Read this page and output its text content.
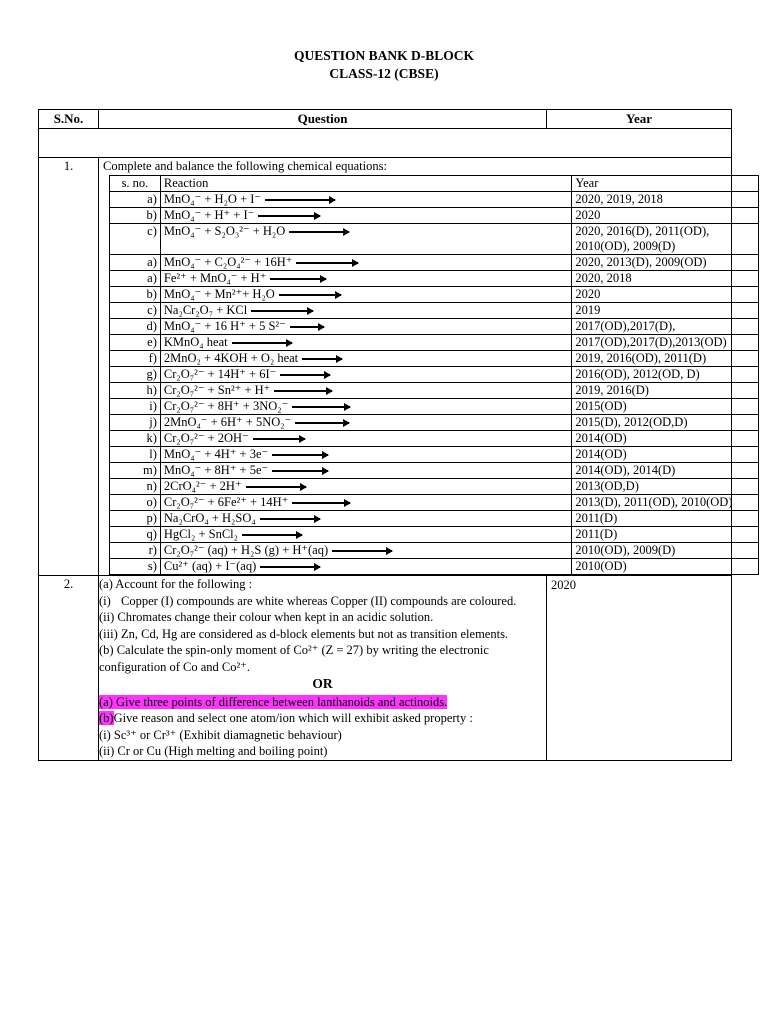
QUESTION BANK D-BLOCK
CLASS-12 (CBSE)
S.No.	Question	Year

1.	Complete and balance the following chemical equations:
s. no.	Reaction	Year
a)	MnO₄⁻ + H₂O + I⁻	2020, 2019, 2018
b)	MnO₄⁻ + H⁺ + I⁻	2020
c)	MnO₄⁻ + S₂O₃²⁻ + H₂O	2020, 2016(D), 2011(OD), 2010(OD), 2009(D)
a)	MnO₄⁻ + C₂O₄²⁻ + 16H⁺	2020, 2013(D), 2009(OD)
a)	Fe²⁺ + MnO₄⁻ + H⁺	2020, 2018
b)	MnO₄⁻ + Mn²⁺+ H₂O	2020
c)	Na₂Cr₂O₇ + KCl	2019
d)	MnO₄⁻ + 16 H⁺ + 5 S²⁻ →	2017(OD),2017(D),
e)	KMnO₄ heat	2017(OD),2017(D),2013(OD)
f)	2MnO₂ + 4KOH + O₂ heat →	2019, 2016(OD), 2011(D)
g)	Cr₂O₇²⁻ + 14H⁺ + 6I⁻ →	2016(OD), 2012(OD, D)
h)	Cr₂O₇²⁻ + Sn²⁺ + H⁺	2019, 2016(D)
i)	Cr₂O₇²⁻ + 8H⁺ + 3NO₂⁻	2015(OD)
j)	2MnO₄⁻ + 6H⁺ + 5NO₂⁻	2015(D), 2012(OD,D)
k)	Cr₂O₇²⁻ + 2OH⁻	2014(OD)
l)	MnO₄⁻ + 4H⁺ + 3e⁻	2014(OD)
m)	MnO₄⁻ + 8H⁺ + 5e⁻	2014(OD), 2014(D)
n)	2CrO₄²⁻ + 2H⁺	2013(OD,D)
o)	Cr₂O₇²⁻ + 6Fe²⁺ + 14H⁺	2013(D), 2011(OD), 2010(OD)
p)	Na₂CrO₄ + H₂SO₄	2011(D)
q)	HgCl₂ + SnCl₂	2011(D)
r)	Cr₂O₇²⁻ (aq) + H₂S (g) + H⁺(aq)	2010(OD), 2009(D)
s)	Cu²⁺ (aq) + I⁻(aq)	2010(OD)

2.	(a) Account for the following :
(i) Copper (I) compounds are white whereas Copper (II) compounds are coloured.
(ii) Chromates change their colour when kept in an acidic solution.
(iii) Zn, Cd, Hg are considered as d-block elements but not as transition elements.
(b) Calculate the spin-only moment of Co²⁺ (Z = 27) by writing the electronic configuration of Co and Co²⁺.
OR
(a) Give three points of difference between lanthanoids and actinoids.
(b)Give reason and select one atom/ion which will exhibit asked property :
(i) Sc³⁺ or Cr³⁺ (Exhibit diamagnetic behaviour)
(ii) Cr or Cu (High melting and boiling point)
	2020
